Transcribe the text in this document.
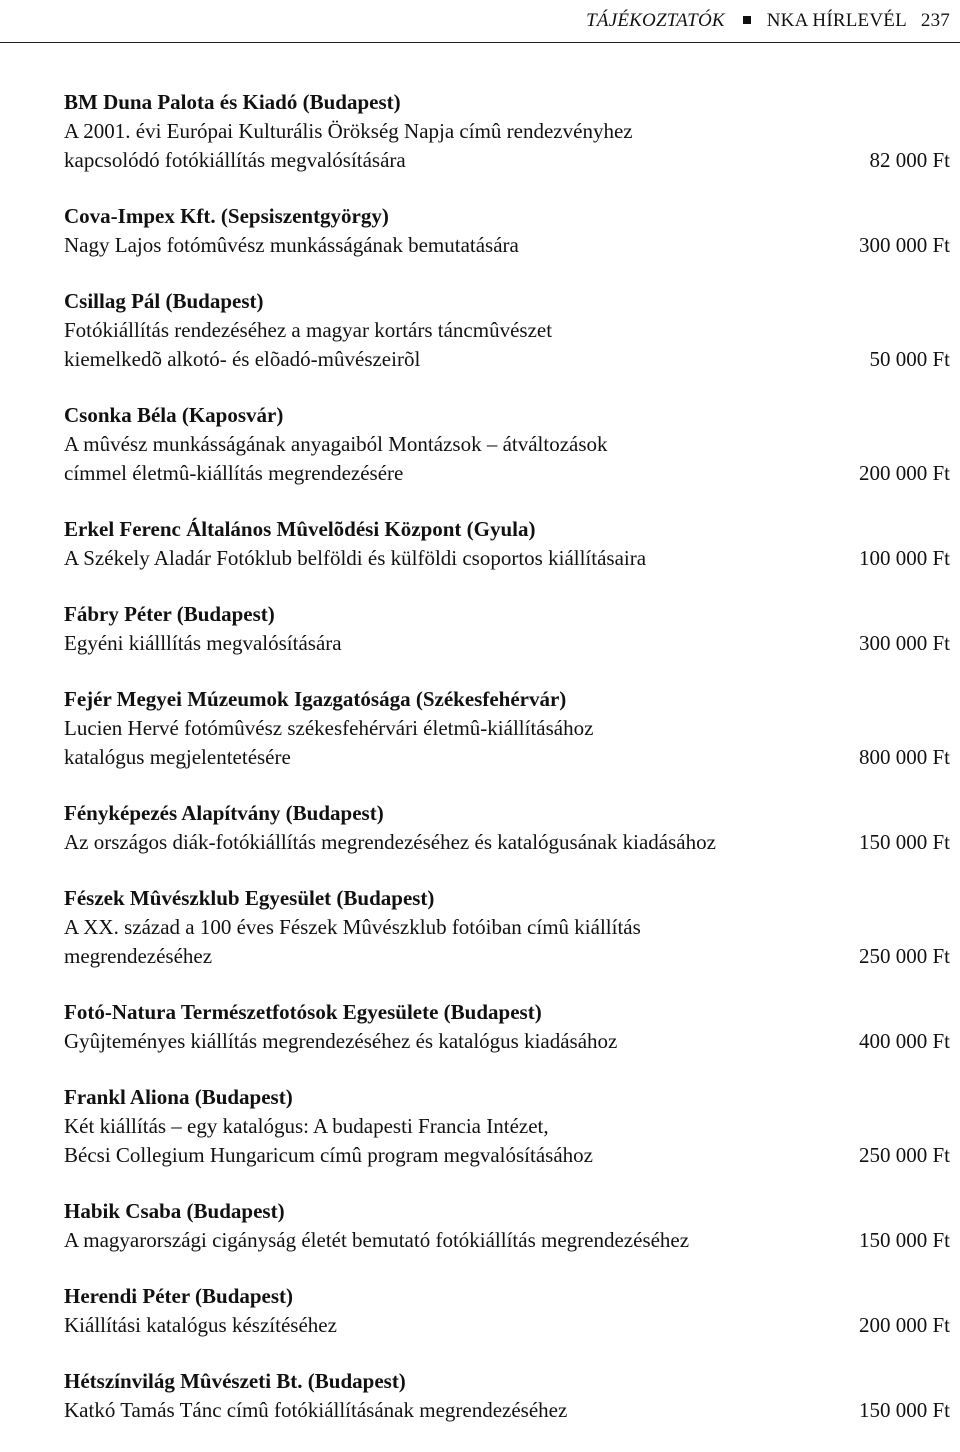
TÁJÉKOZTATÓK NKA HÍRLEVÉL 237
BM Duna Palota és Kiadó (Budapest)
A 2001. évi Európai Kulturális Örökség Napja címû rendezvényhez
kapcsolódó fotókiállítás megvalósítására	82 000 Ft
Cova-Impex Kft. (Sepsiszentgyörgy)
Nagy Lajos fotómûvész munkásságának bemutatására	300 000 Ft
Csillag Pál (Budapest)
Fotókiállítás rendezéséhez a magyar kortárs táncmûvészet
kiemelkedõ alkotó- és elõadó-mûvészeirõl	50 000 Ft
Csonka Béla (Kaposvár)
A mûvész munkásságának anyagaiból Montázsok – átváltozások
címmel életmû-kiállítás megrendezésére	200 000 Ft
Erkel Ferenc Általános Mûvelõdési Központ (Gyula)
A Székely Aladár Fotóklub belföldi és külföldi csoportos kiállításaira	100 000 Ft
Fábry Péter (Budapest)
Egyéni kiálllítás megvalósítására	300 000 Ft
Fejér Megyei Múzeumok Igazgatósága (Székesfehérvár)
Lucien Hervé fotómûvész székesfehérvári életmû-kiállításához
katalógus megjelentetésére	800 000 Ft
Fényképezés Alapítvány (Budapest)
Az országos diák-fotókiállítás megrendezéséhez és katalógusának kiadásához	150 000 Ft
Fészek Mûvészklub Egyesület (Budapest)
A XX. század a 100 éves Fészek Mûvészklub fotóiban címû kiállítás
megrendezéséhez	250 000 Ft
Fotó-Natura Természetfotósok Egyesülete (Budapest)
Gyûjteményes kiállítás megrendezéséhez és katalógus kiadásához	400 000 Ft
Frankl Aliona (Budapest)
Két kiállítás – egy katalógus: A budapesti Francia Intézet,
Bécsi Collegium Hungaricum címû program megvalósításához	250 000 Ft
Habik Csaba (Budapest)
A magyarországi cigányság életét bemutató fotókiállítás megrendezéséhez	150 000 Ft
Herendi Péter (Budapest)
Kiállítási katalógus készítéséhez	200 000 Ft
Hétszínvilág Mûvészeti Bt. (Budapest)
Katkó Tamás Tánc címû fotókiállításának megrendezéséhez	150 000 Ft
